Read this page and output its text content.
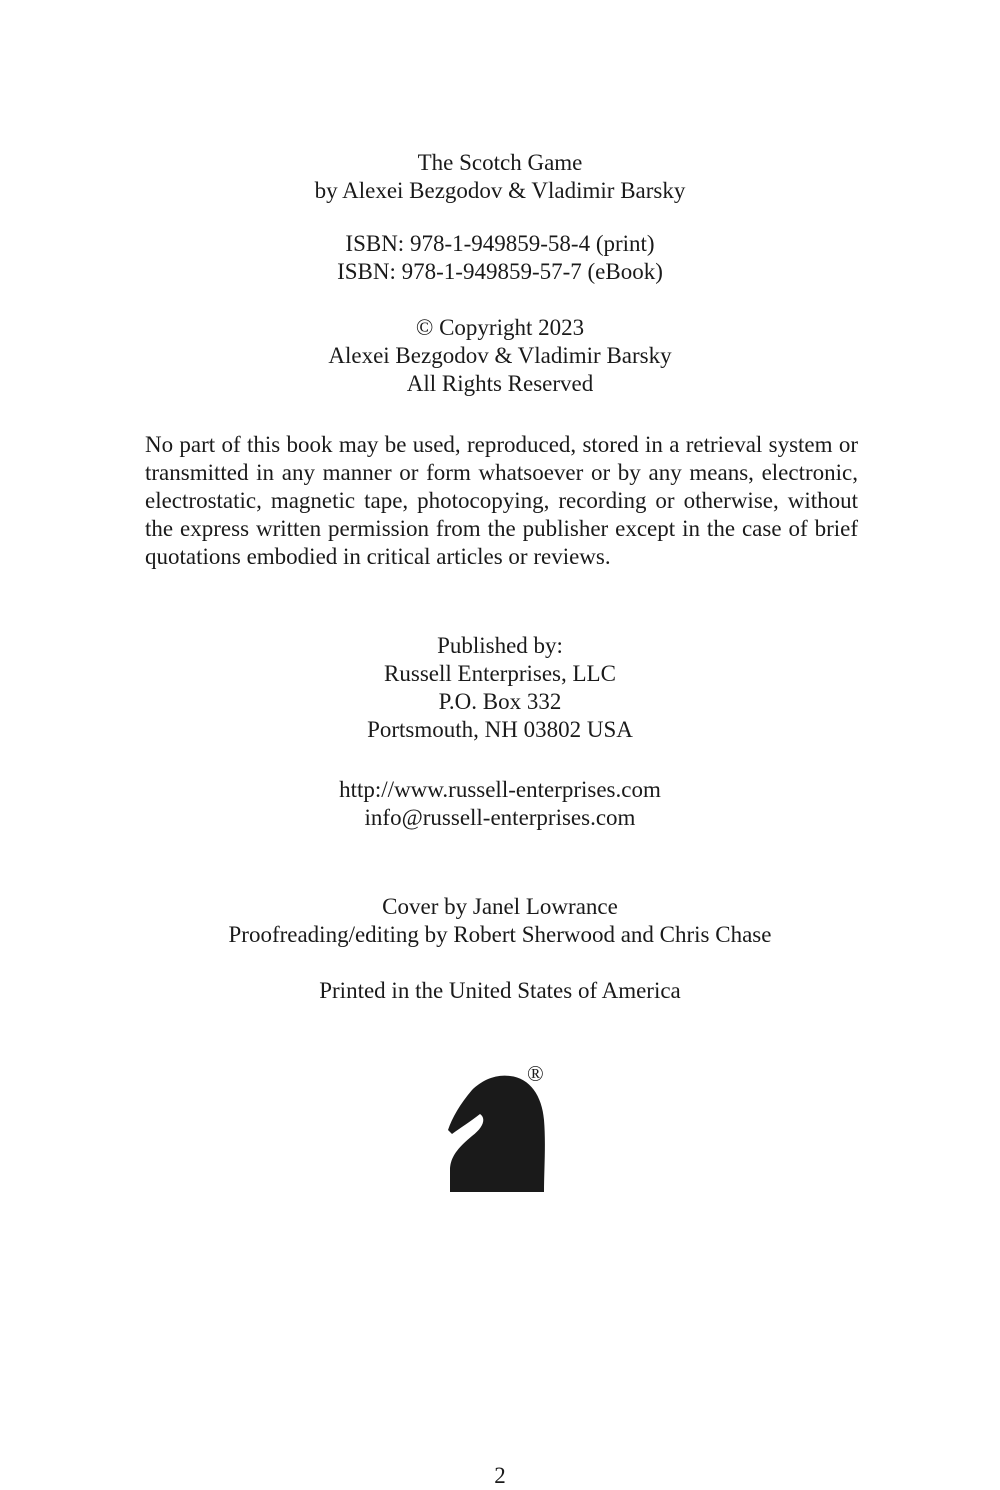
The Scotch Game
by Alexei Bezgodov & Vladimir Barsky
ISBN: 978-1-949859-58-4 (print)
ISBN: 978-1-949859-57-7 (eBook)
© Copyright 2023
Alexei Bezgodov & Vladimir Barsky
All Rights Reserved
No part of this book may be used, reproduced, stored in a retrieval system or transmitted in any manner or form whatsoever or by any means, electronic, electrostatic, magnetic tape, photocopying, recording or otherwise, without the express written permission from the publisher except in the case of brief quotations embodied in critical articles or reviews.
Published by:
Russell Enterprises, LLC
P.O. Box 332
Portsmouth, NH 03802 USA
http://www.russell-enterprises.com
info@russell-enterprises.com
Cover by Janel Lowrance
Proofreading/editing by Robert Sherwood and Chris Chase
Printed in the United States of America
®
2
